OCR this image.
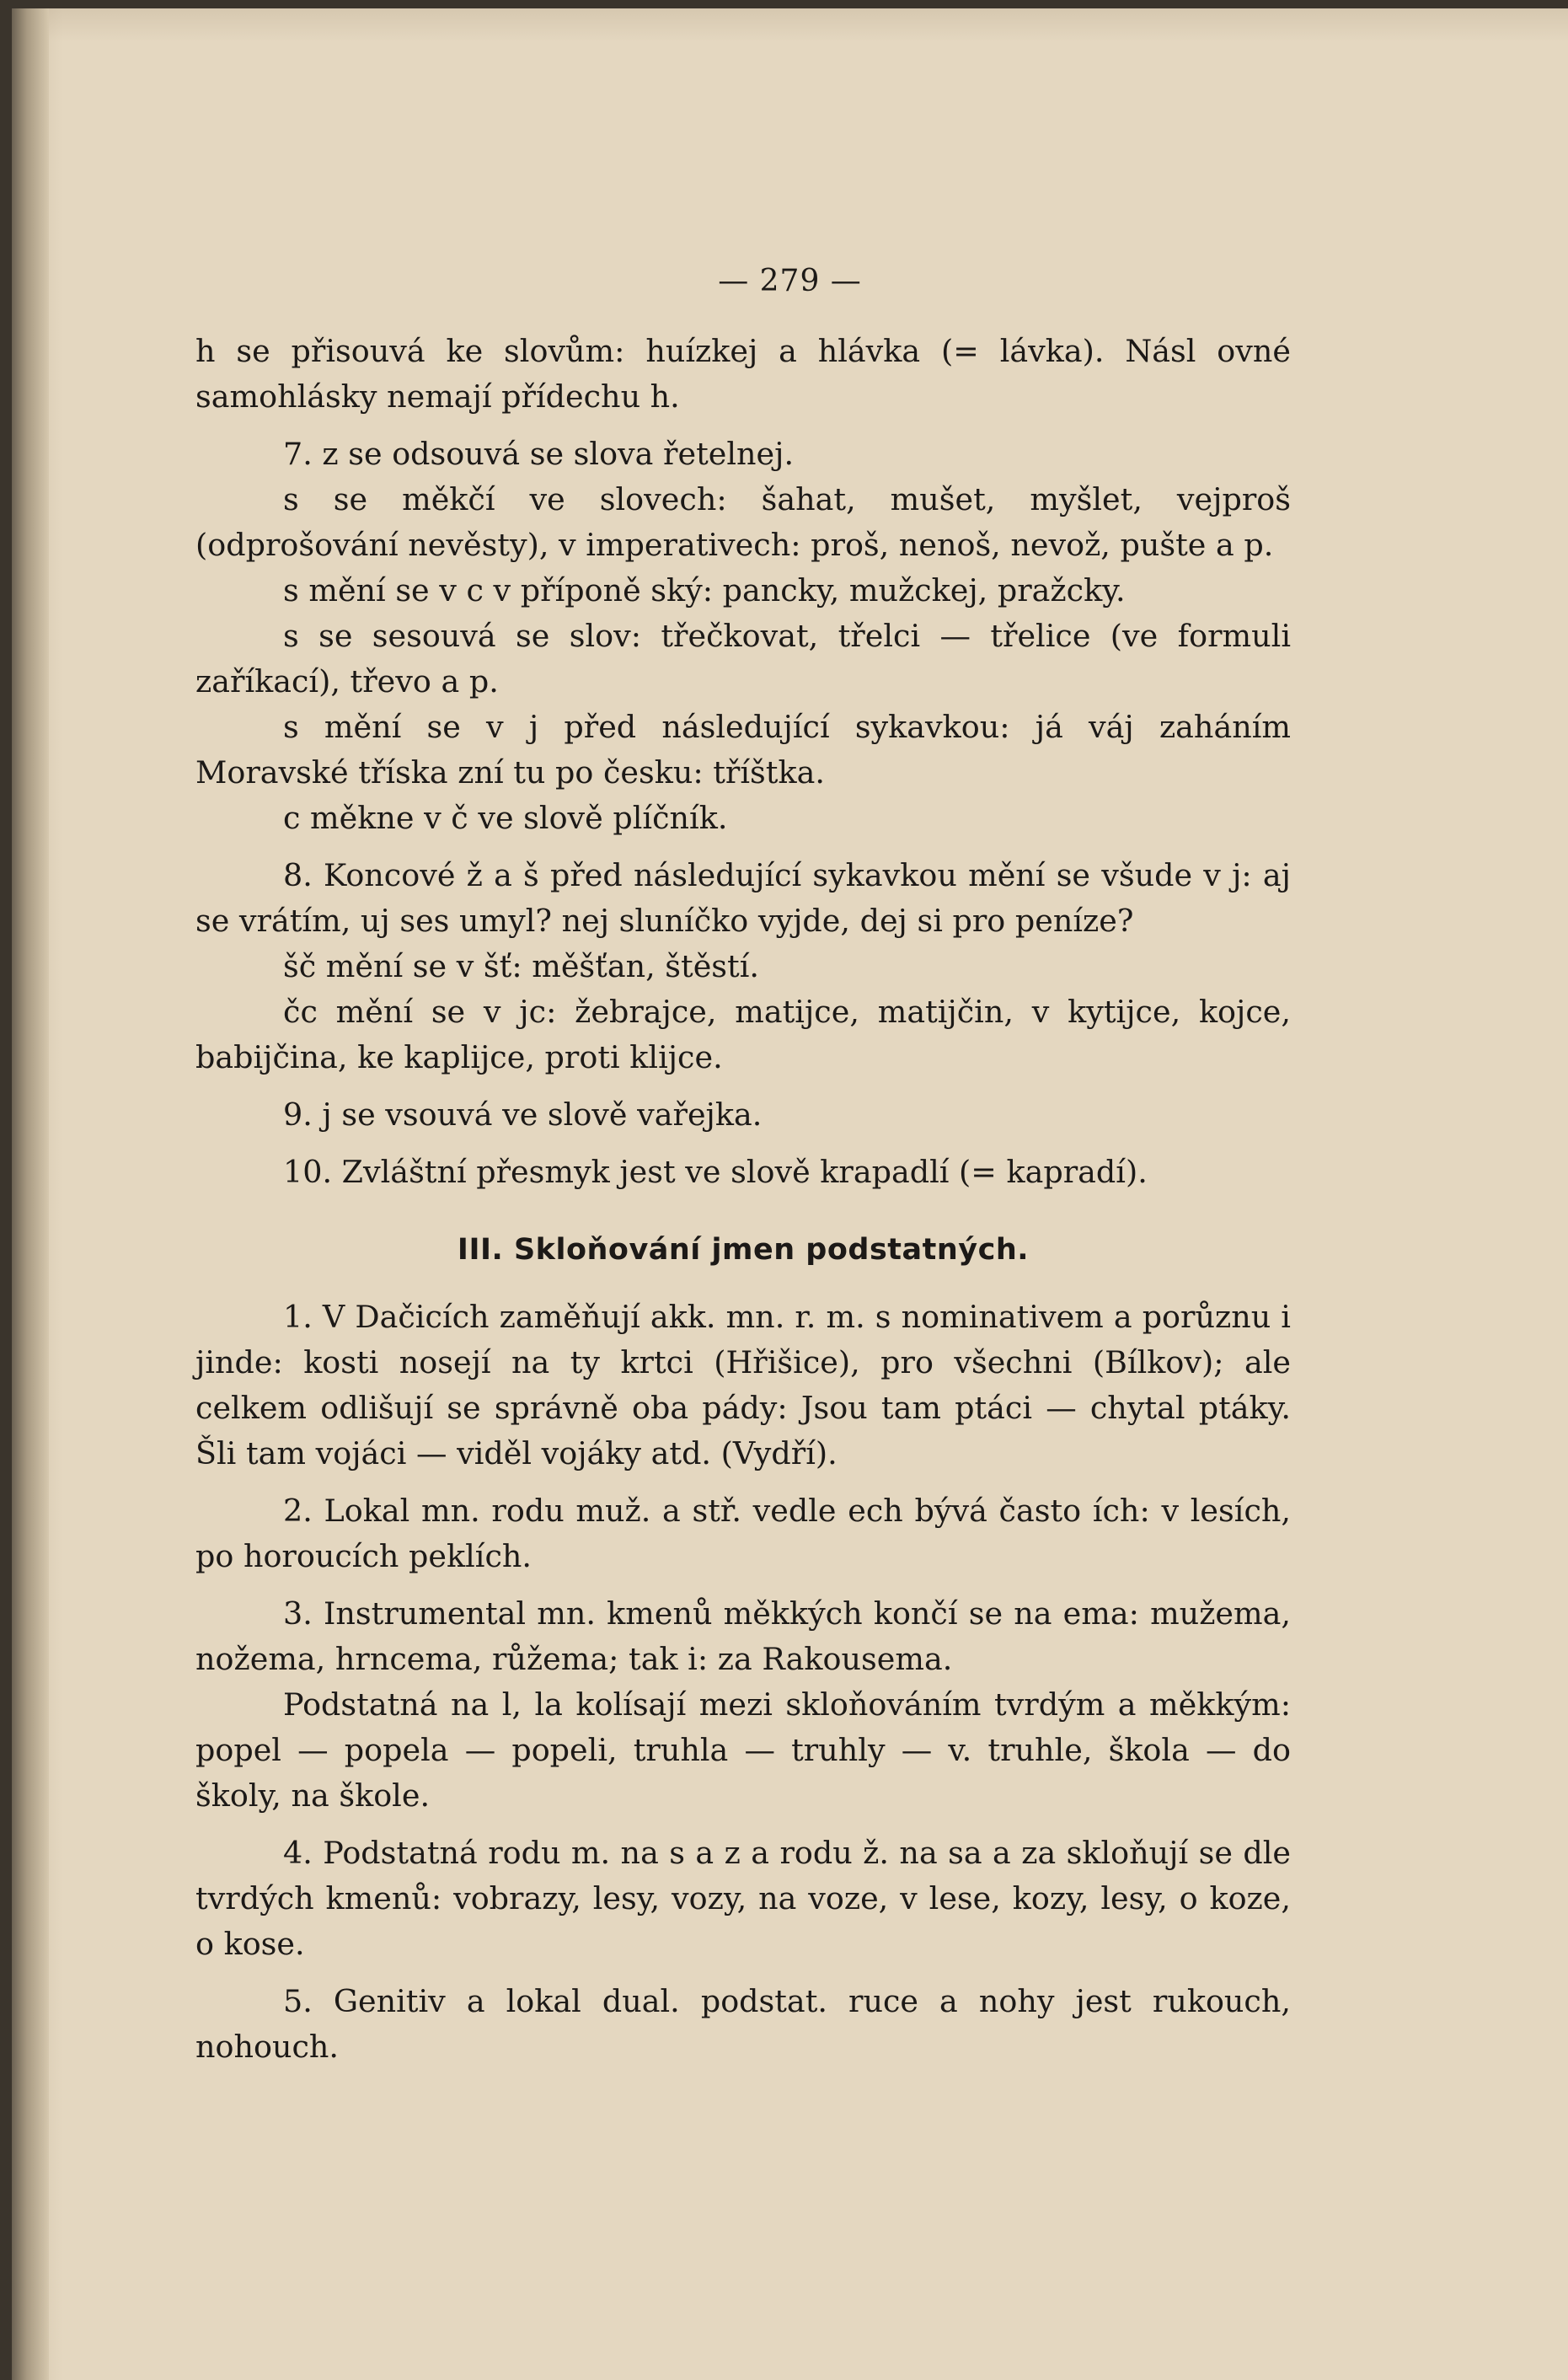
— 279 —

h se přisouvá ke slovům: huízkej a hlávka (= lávka). Násl ovné samohlásky nemají přídechu h.

7. z se odsouvá se slova řetelnej.

s se měkčí ve slovech: šahat, mušet, myšlet, vejproš (odprošování nevěsty), v imperativech: proš, nenoš, nevož, pušte a p.

s mění se v c v příponě ský: pancky, mužckej, pražcky.

s se sesouvá se slov: třečkovat, třelci — třelice (ve formuli zaříkací), třevo a p.

s mění se v j před následující sykavkou: já váj zaháním Moravské tříska zní tu po česku: tříštka.

c měkne v č ve slově plíčník.

8. Koncové ž a š před následující sykavkou mění se všude v j: aj se vrátím, uj ses umyl? nej sluníčko vyjde, dej si pro peníze?

šč mění se v šť: měšťan, štěstí.

čc mění se v jc: žebrajce, matijce, matijčin, v kytijce, kojce, babijčina, ke kaplijce, proti klijce.

9. j se vsouvá ve slově vařejka.

10. Zvláštní přesmyk jest ve slově krapadlí (= kapradí).

III. Skloňování jmen podstatných.

1. V Dačicích zaměňují akk. mn. r. m. s nominativem a porůznu i jinde: kosti nosejí na ty krtci (Hřišice), pro všechni (Bílkov); ale celkem odlišují se správně oba pády: Jsou tam ptáci — chytal ptáky. Šli tam vojáci — viděl vojáky atd. (Vydří).

2. Lokal mn. rodu muž. a stř. vedle ech bývá často ích: v lesích, po horoucích peklích.

3. Instrumental mn. kmenů měkkých končí se na ema: mužema, nožema, hrncema, růžema; tak i: za Rakousema.

Podstatná na l, la kolísají mezi skloňováním tvrdým a měkkým: popel — popela — popeli, truhla — truhly — v. truhle, škola — do školy, na škole.

4. Podstatná rodu m. na s a z a rodu ž. na sa a za skloňují se dle tvrdých kmenů: vobrazy, lesy, vozy, na voze, v lese, kozy, lesy, o koze, o kose.

5. Genitiv a lokal dual. podstat. ruce a nohy jest rukouch, nohouch.
